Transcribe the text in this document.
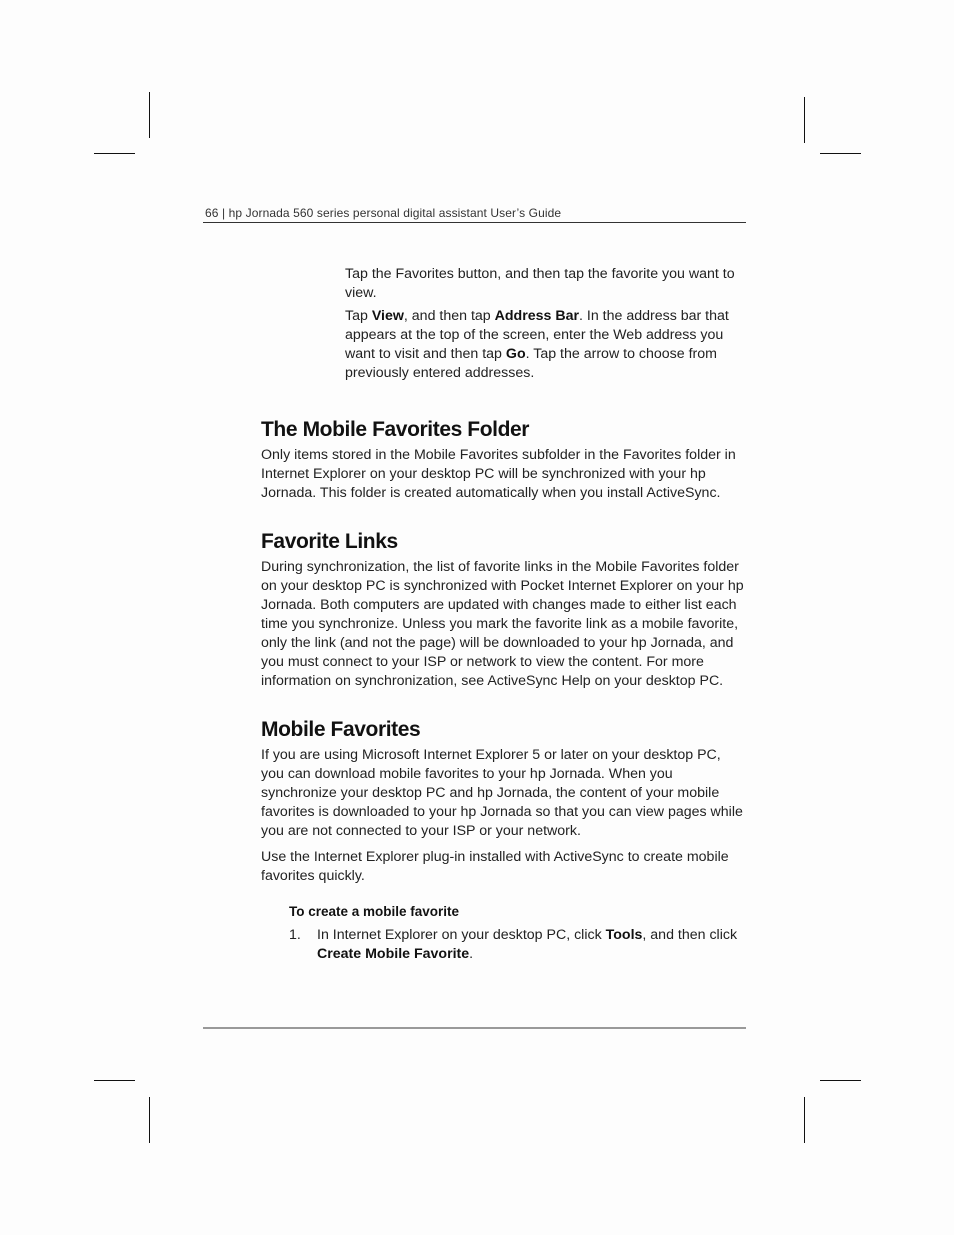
66 | hp Jornada 560 series personal digital assistant User’s Guide

Tap the Favorites button, and then tap the favorite you want to view.

Tap View, and then tap Address Bar. In the address bar that appears at the top of the screen, enter the Web address you want to visit and then tap Go. Tap the arrow to choose from previously entered addresses.

The Mobile Favorites Folder

Only items stored in the Mobile Favorites subfolder in the Favorites folder in Internet Explorer on your desktop PC will be synchronized with your hp Jornada. This folder is created automatically when you install ActiveSync.

Favorite Links

During synchronization, the list of favorite links in the Mobile Favorites folder on your desktop PC is synchronized with Pocket Internet Explorer on your hp Jornada. Both computers are updated with changes made to either list each time you synchronize. Unless you mark the favorite link as a mobile favorite, only the link (and not the page) will be downloaded to your hp Jornada, and you must connect to your ISP or network to view the content. For more information on synchronization, see ActiveSync Help on your desktop PC.

Mobile Favorites

If you are using Microsoft Internet Explorer 5 or later on your desktop PC, you can download mobile favorites to your hp Jornada. When you synchronize your desktop PC and hp Jornada, the content of your mobile favorites is downloaded to your hp Jornada so that you can view pages while you are not connected to your ISP or your network.

Use the Internet Explorer plug-in installed with ActiveSync to create mobile favorites quickly.

To create a mobile favorite
1.	In Internet Explorer on your desktop PC, click Tools, and then click Create Mobile Favorite.
